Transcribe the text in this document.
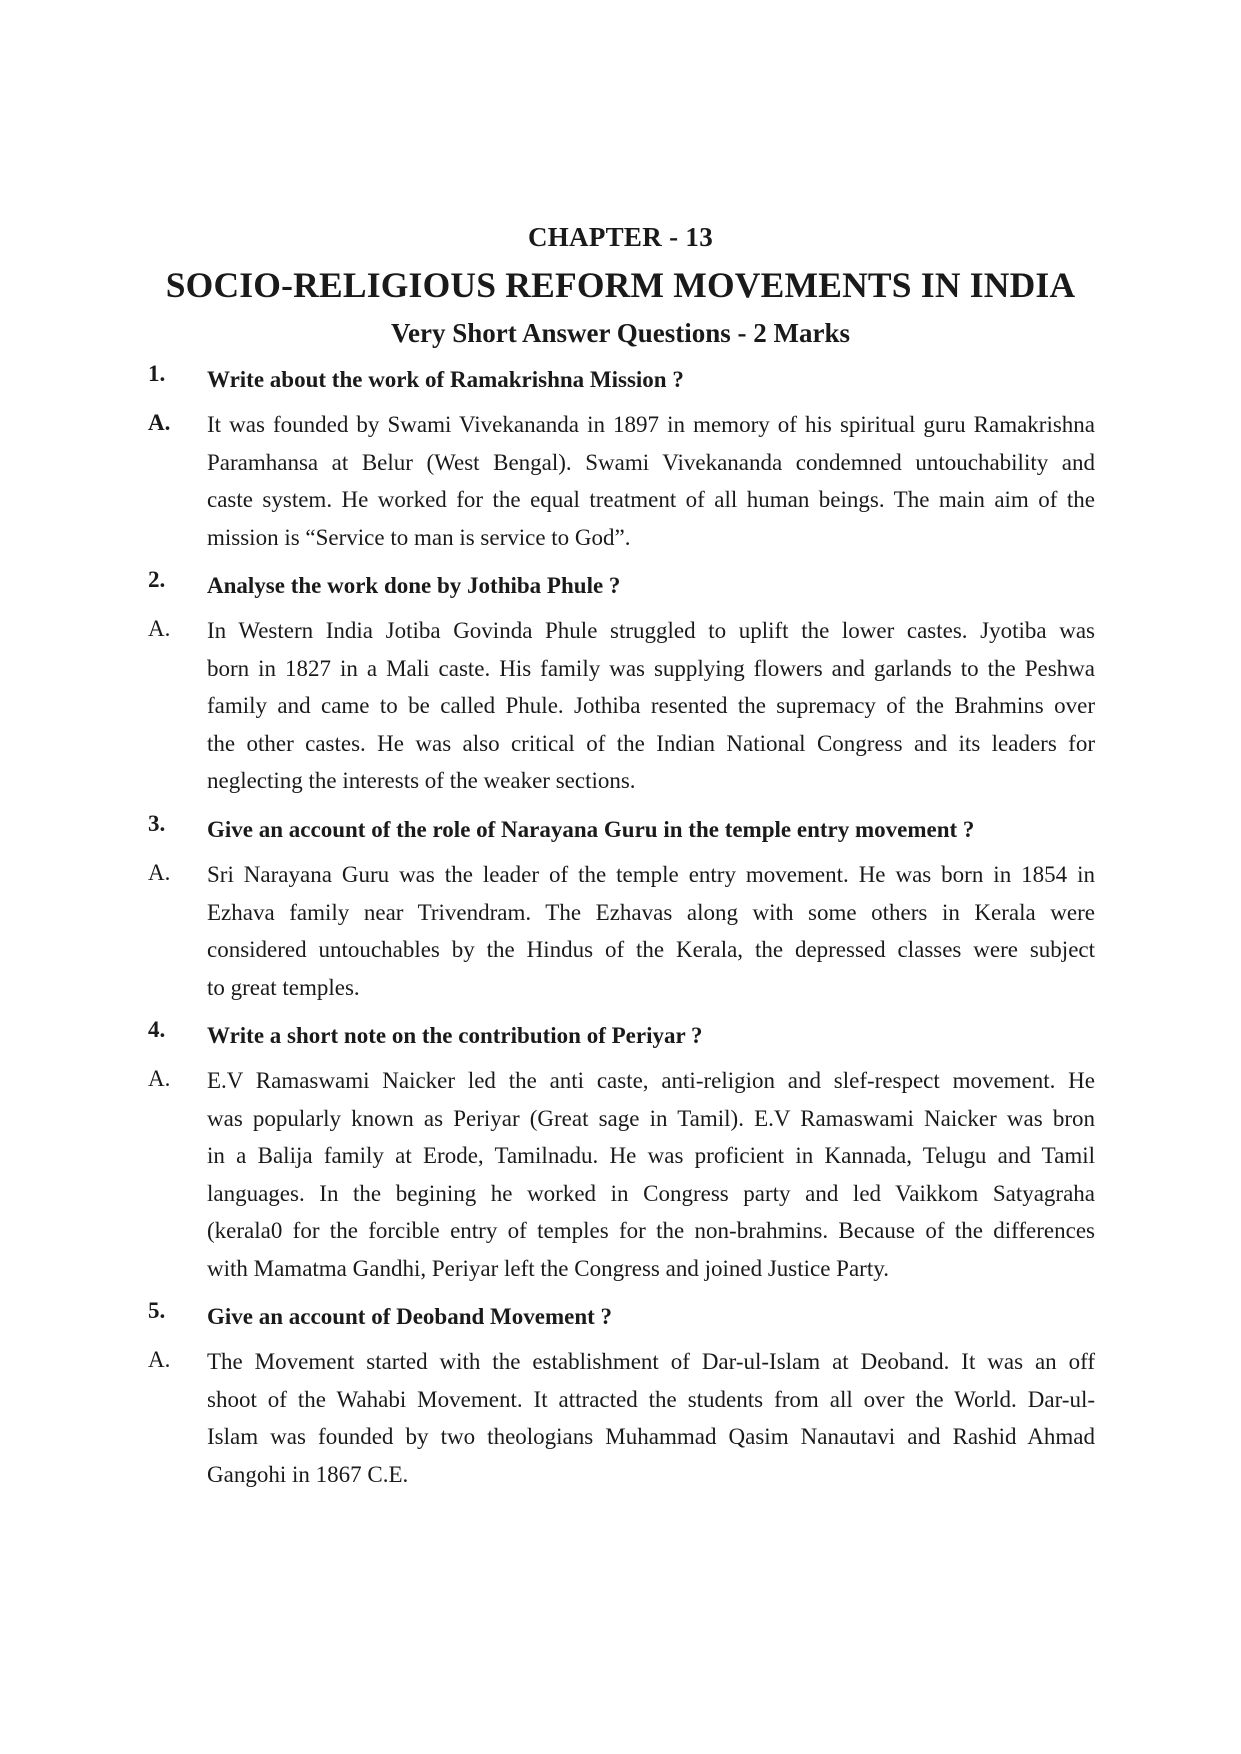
CHAPTER - 13
SOCIO-RELIGIOUS REFORM MOVEMENTS IN INDIA
Very Short Answer Questions - 2 Marks
1. Write about the work of Ramakrishna Mission ?
A. It was founded by Swami Vivekananda in 1897 in memory of his spiritual guru Ramakrishna
Paramhansa at Belur (West Bengal). Swami Vivekananda condemned untouchability and
caste system. He worked for the equal treatment of all human beings. The main aim of the
mission is “Service to man is service to God”.
2. Analyse the work done by Jothiba Phule ?
A. In Western India Jotiba Govinda Phule struggled to uplift the lower castes. Jyotiba was
born in 1827 in a Mali caste. His family was supplying flowers and garlands to the Peshwa
family and came to be called Phule. Jothiba resented the supremacy of the Brahmins over
the other castes. He was also critical of the Indian National Congress and its leaders for
neglecting the interests of the weaker sections.
3. Give an account of the role of Narayana Guru in the temple entry movement ?
A. Sri Narayana Guru was the leader of the temple entry movement. He was born in 1854 in
Ezhava family near Trivendram. The Ezhavas along with some others in Kerala were
considered untouchables by the Hindus of the Kerala, the depressed classes were subject
to great temples.
4. Write a short note on the contribution of Periyar ?
A. E.V Ramaswami Naicker led the anti caste, anti-religion and slef-respect movement. He
was popularly known as Periyar (Great sage in Tamil). E.V Ramaswami Naicker was bron
in a Balija family at Erode, Tamilnadu. He was proficient in Kannada, Telugu and Tamil
languages. In the begining he worked in Congress party and led Vaikkom Satyagraha
(kerala0 for the forcible entry of temples for the non-brahmins. Because of the differences
with Mamatma Gandhi, Periyar left the Congress and joined Justice Party.
5. Give an account of Deoband Movement ?
A. The Movement started with the establishment of Dar-ul-Islam at Deoband. It was an off
shoot of the Wahabi Movement. It attracted the students from all over the World. Dar-ul-
Islam was founded by two theologians Muhammad Qasim Nanautavi and Rashid Ahmad
Gangohi in 1867 C.E.
